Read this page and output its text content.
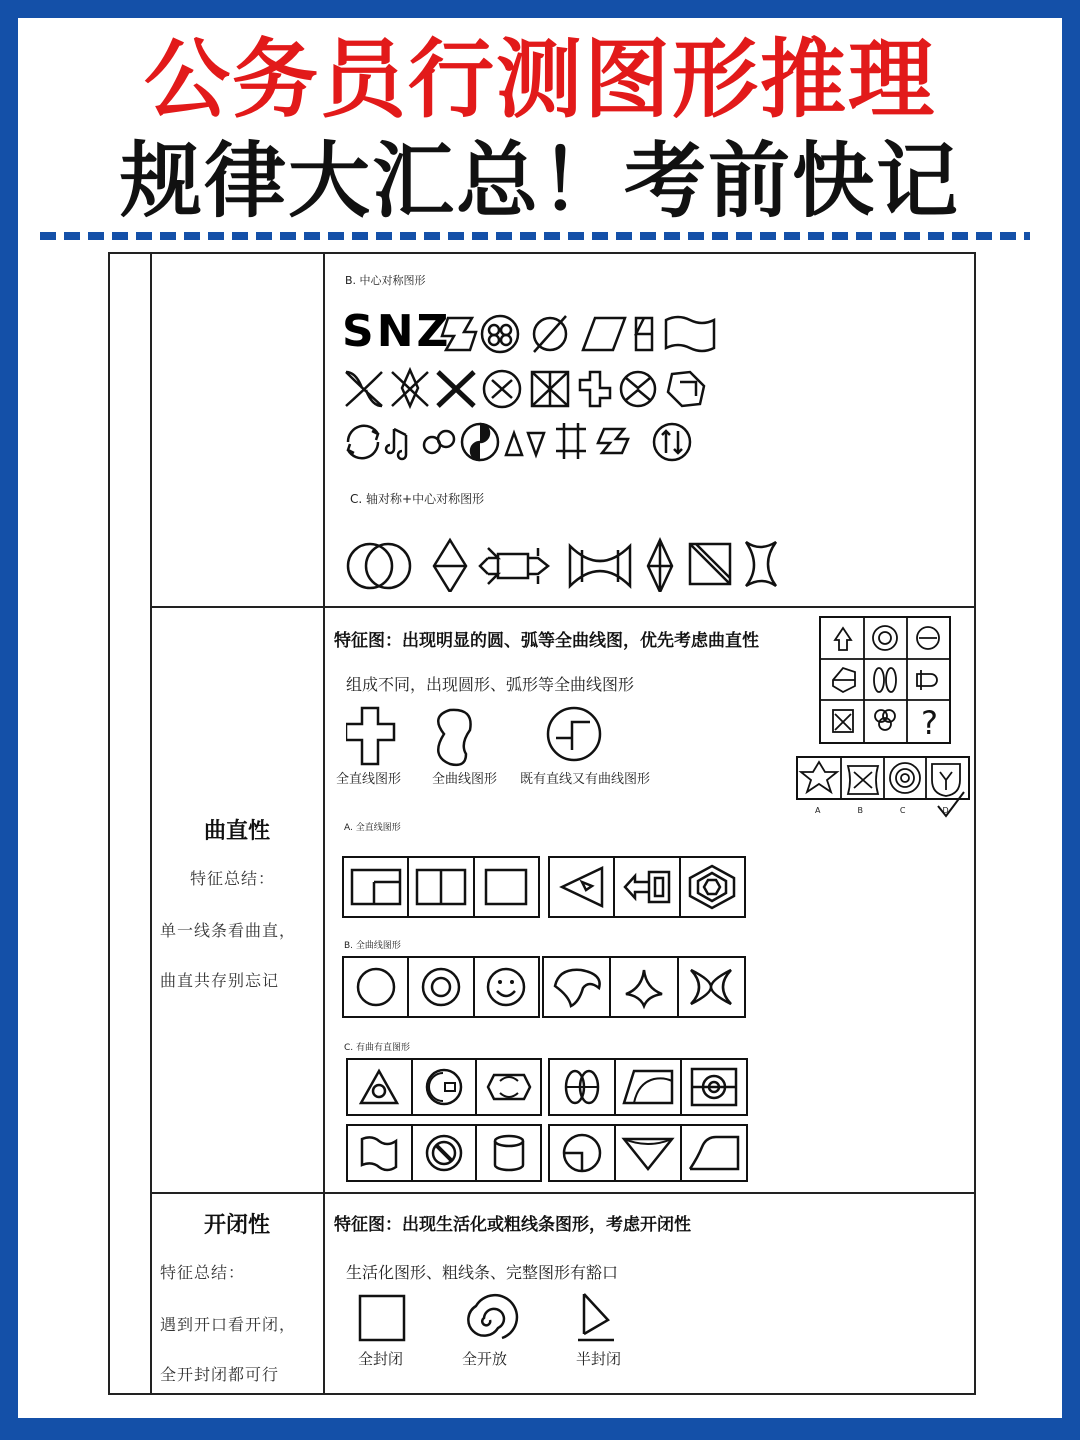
公务员行测图形推理
规律大汇总！考前快记
B. 中心对称图形
SNZ
C. 轴对称+中心对称图形
曲直性
特征总结：
单一线条看曲直，
曲直共存别忘记
特征图：出现明显的圆、弧等全曲线图，优先考虑曲直性
组成不同，出现圆形、弧形等全曲线图形
全直线图形 全曲线图形 既有直线又有曲线图形
?
ABCD
A. 全直线图形
B. 全曲线图形
C. 有曲有直图形
开闭性
特征总结：
遇到开口看开闭，
全开封闭都可行
特征图：出现生活化或粗线条图形，考虑开闭性
生活化图形、粗线条、完整图形有豁口
全封闭	全开放	半封闭
